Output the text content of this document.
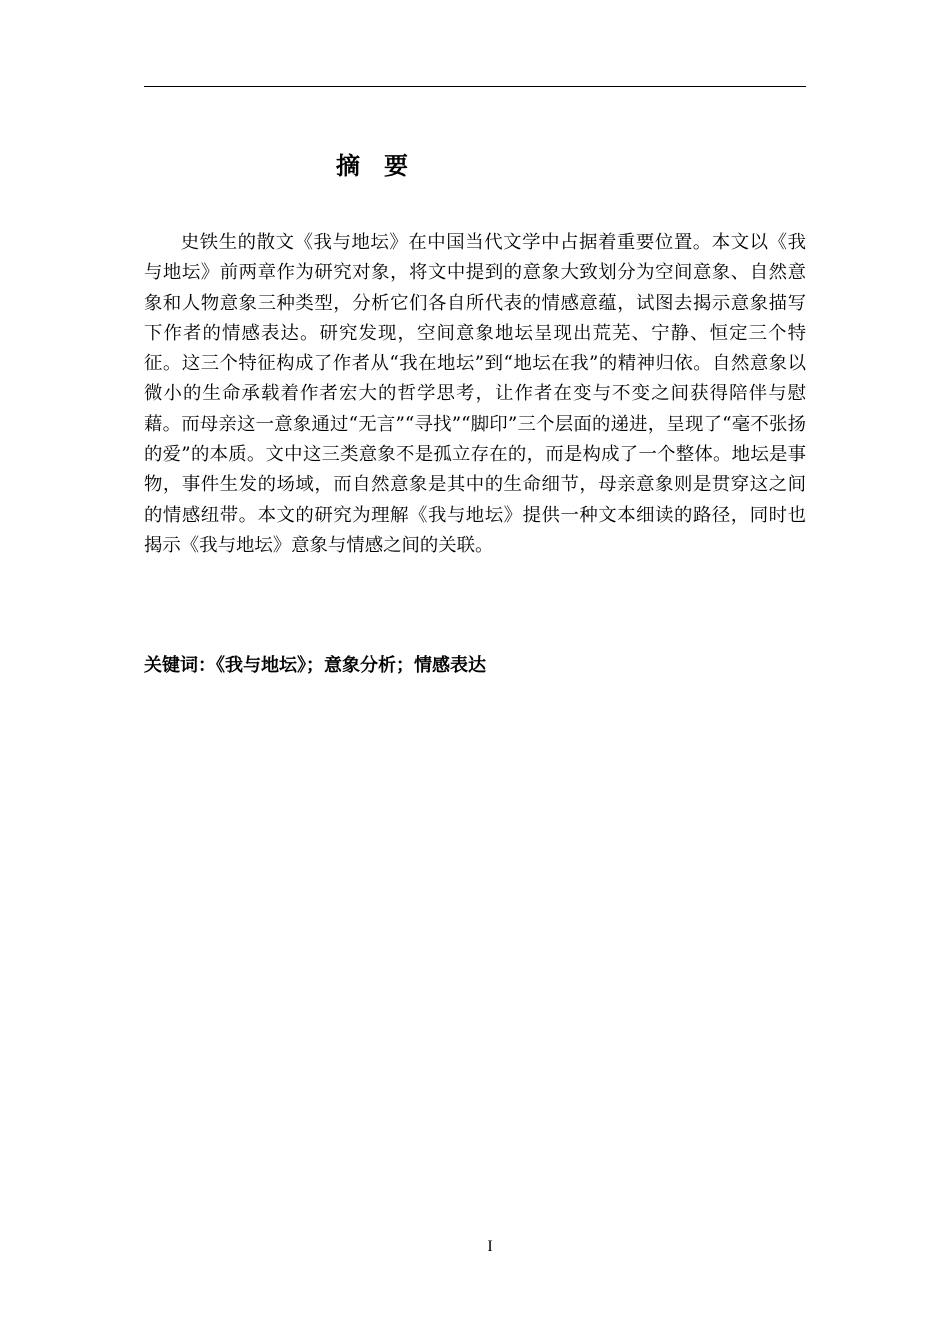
摘要

史铁生的散文《我与地坛》在中国当代文学中占据着重要位置。本文以《我与地坛》前两章作为研究对象，将文中提到的意象大致划分为空间意象、自然意象和人物意象三种类型，分析它们各自所代表的情感意蕴，试图去揭示意象描写下作者的情感表达。研究发现，空间意象地坛呈现出荒芜、宁静、恒定三个特征。这三个特征构成了作者从“我在地坛”到“地坛在我”的精神归依。自然意象以微小的生命承载着作者宏大的哲学思考，让作者在变与不变之间获得陪伴与慰藉。而母亲这一意象通过“无言”“寻找”“脚印”三个层面的递进，呈现了“毫不张扬的爱”的本质。文中这三类意象不是孤立存在的，而是构成了一个整体。地坛是事物，事件生发的场域，而自然意象是其中的生命细节，母亲意象则是贯穿这之间的情感纽带。本文的研究为理解《我与地坛》提供一种文本细读的路径，同时也揭示《我与地坛》意象与情感之间的关联。

关键词：《我与地坛》；意象分析；情感表达
I
